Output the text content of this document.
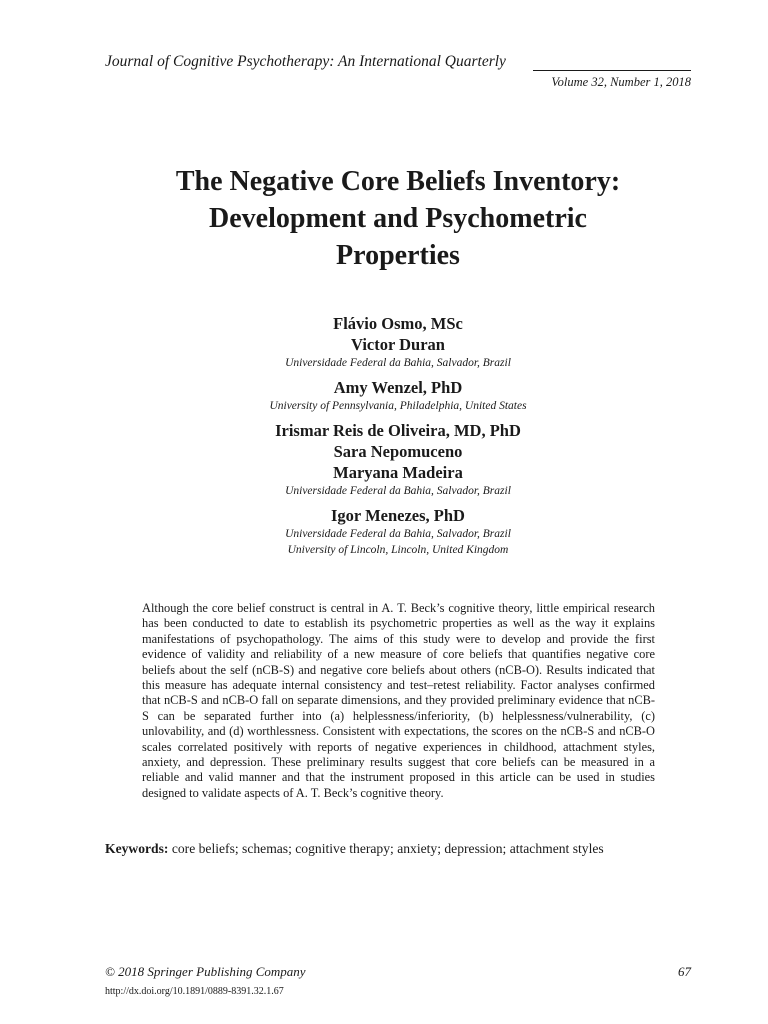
Journal of Cognitive Psychotherapy: An International Quarterly
Volume 32, Number 1, 2018
The Negative Core Beliefs Inventory: Development and Psychometric Properties
Flávio Osmo, MSc
Victor Duran
Universidade Federal da Bahia, Salvador, Brazil
Amy Wenzel, PhD
University of Pennsylvania, Philadelphia, United States
Irismar Reis de Oliveira, MD, PhD
Sara Nepomuceno
Maryana Madeira
Universidade Federal da Bahia, Salvador, Brazil
Igor Menezes, PhD
Universidade Federal da Bahia, Salvador, Brazil
University of Lincoln, Lincoln, United Kingdom

Although the core belief construct is central in A. T. Beck’s cognitive theory, little empirical research has been conducted to date to establish its psychometric properties as well as the way it explains manifestations of psychopathology. The aims of this study were to develop and provide the first evidence of validity and reliability of a new measure of core beliefs that quantifies negative core beliefs about the self (nCB-S) and negative core beliefs about others (nCB-O). Results indicated that this measure has adequate internal consistency and test–retest reliability. Factor analyses confirmed that nCB-S and nCB-O fall on separate dimensions, and they provided preliminary evidence that nCB-S can be separated further into (a) helplessness/inferiority, (b) helplessness/vulnerability, (c) unlovability, and (d) worthlessness. Consistent with expectations, the scores on the nCB-S and nCB-O scales correlated positively with reports of negative experiences in childhood, attachment styles, anxiety, and depression. These preliminary results suggest that core beliefs can be measured in a reliable and valid manner and that the instrument proposed in this article can be used in studies designed to validate aspects of A. T. Beck’s cognitive theory.

Keywords: core beliefs; schemas; cognitive therapy; anxiety; depression; attachment styles
© 2018 Springer Publishing Company	67
http://dx.doi.org/10.1891/0889-8391.32.1.67
